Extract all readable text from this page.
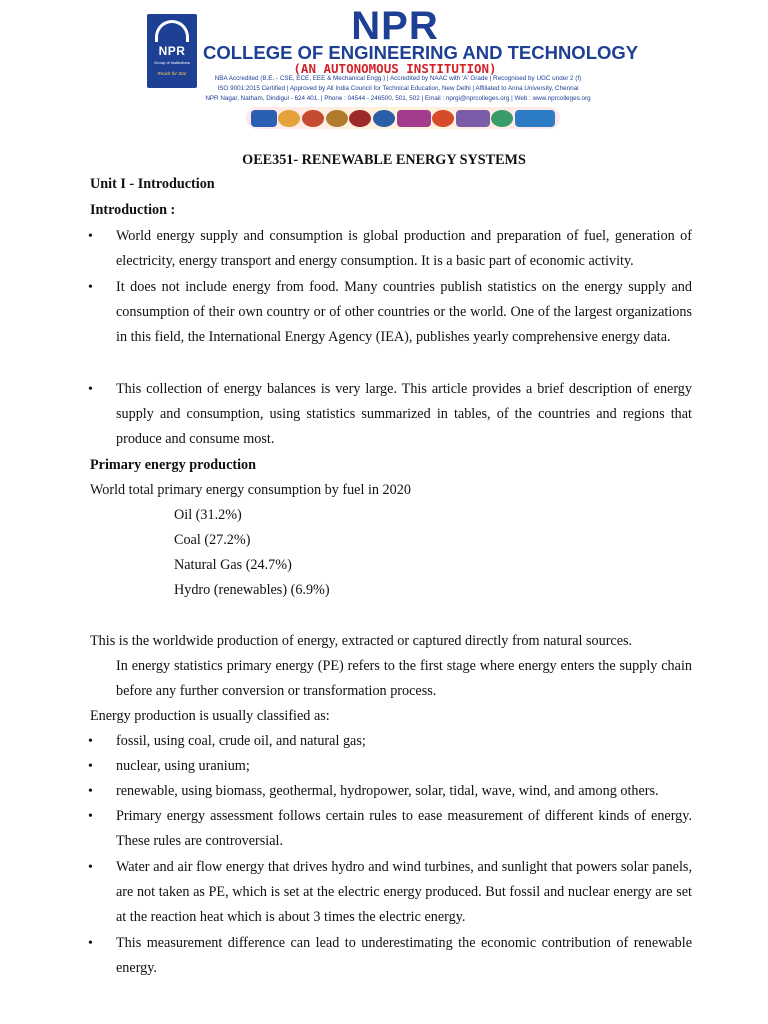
NPR
Group of Institutions
Reach for Star
NPR
COLLEGE OF ENGINEERING AND TECHNOLOGY
(AN AUTONOMOUS INSTITUTION)
NBA Accredited (B.E. - CSE, ECE, EEE & Mechanical Engg.) | Accredited by NAAC with 'A' Grade | Recognised by UGC under 2 (f)
ISO 9001:2015 Certified | Approved by All India Council for Technical Education, New Delhi | Affiliated to Anna University, Chennai
NPR Nagar, Natham, Dindigul - 624 401. | Phone : 04544 - 246500, 501, 502 | Email : nprgi@nprcolleges.org | Web : www.nprcolleges.org
OEE351- RENEWABLE ENERGY SYSTEMS
Unit I - Introduction
Introduction :
• World energy supply and consumption is global production and preparation of fuel, generation of electricity, energy transport and energy consumption. It is a basic part of economic activity.
• It does not include energy from food. Many countries publish statistics on the energy supply and consumption of their own country or of other countries or the world. One of the largest organizations in this field, the International Energy Agency (IEA), publishes yearly comprehensive energy data.
• This collection of energy balances is very large. This article provides a brief description of energy supply and consumption, using statistics summarized in tables, of the countries and regions that produce and consume most.
Primary energy production
World total primary energy consumption by fuel in 2020
Oil (31.2%)
Coal (27.2%)
Natural Gas (24.7%)
Hydro (renewables) (6.9%)
This is the worldwide production of energy, extracted or captured directly from natural sources.
In energy statistics primary energy (PE) refers to the first stage where energy enters the supply chain before any further conversion or transformation process.
Energy production is usually classified as:
• fossil, using coal, crude oil, and natural gas;
• nuclear, using uranium;
• renewable, using biomass, geothermal, hydropower, solar, tidal, wave, wind, and among others.
• Primary energy assessment follows certain rules to ease measurement of different kinds of energy. These rules are controversial.
• Water and air flow energy that drives hydro and wind turbines, and sunlight that powers solar panels, are not taken as PE, which is set at the electric energy produced. But fossil and nuclear energy are set at the reaction heat which is about 3 times the electric energy.
• This measurement difference can lead to underestimating the economic contribution of renewable energy.
